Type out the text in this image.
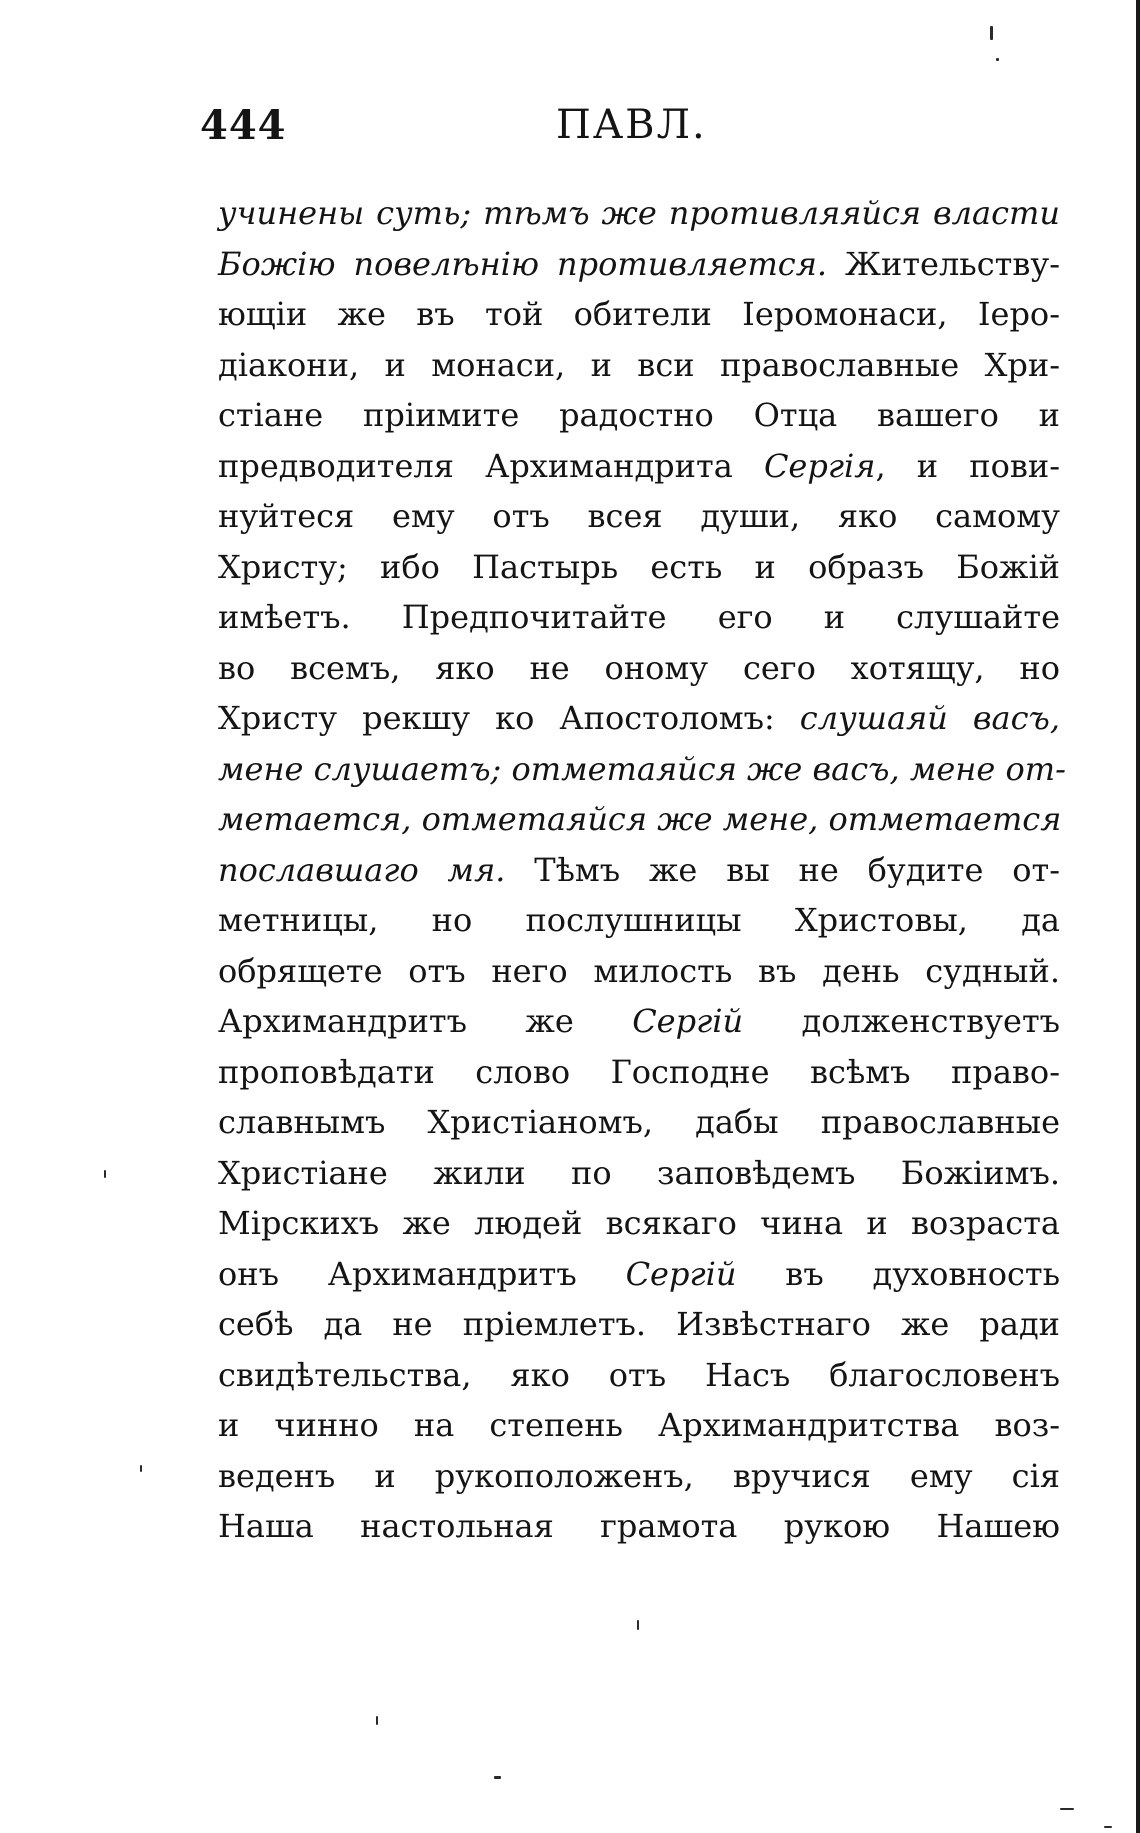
444	ПАВЛ.
учинены суть; тѣмъ же противляяйся власти
Божiю повелѣнiю противляется. Жительству-
ющiи же въ той обители Iеромонаси, Iеро-
дiакони, и монаси, и вси православные Хри-
стiане прiимите радостно Отца вашего и
предводителя Архимандрита Сергiя, и пови-
нуйтеся ему отъ всея души, яко самому
Христу; ибо Пастырь есть и образъ Божiй
имѣетъ. Предпочитайте его и слушайте
во всемъ, яко не оному сего хотящу, но
Христу рекшу ко Апостоломъ: слушаяй васъ,
мене слушаетъ; отметаяйся же васъ, мене от-
метается, отметаяйся же мене, отметается
пославшаго мя. Тѣмъ же вы не будите от-
метницы, но послушницы Христовы, да
обрящете отъ него милость въ день судный.
Архимандритъ же Сергiй долженствуетъ
проповѣдати слово Господне всѣмъ право-
славнымъ Христiаномъ, дабы православные
Христiане жили по заповѣдемъ Божiимъ.
Мiрскихъ же людей всякаго чина и возраста
онъ Архимандритъ Сергiй въ духовность
себѣ да не прiемлетъ. Извѣстнаго же ради
свидѣтельства, яко отъ Насъ благословенъ
и чинно на степень Архимандритства воз-
веденъ и рукоположенъ, вручися ему сiя
Наша настольная грамота рукою Нашею
